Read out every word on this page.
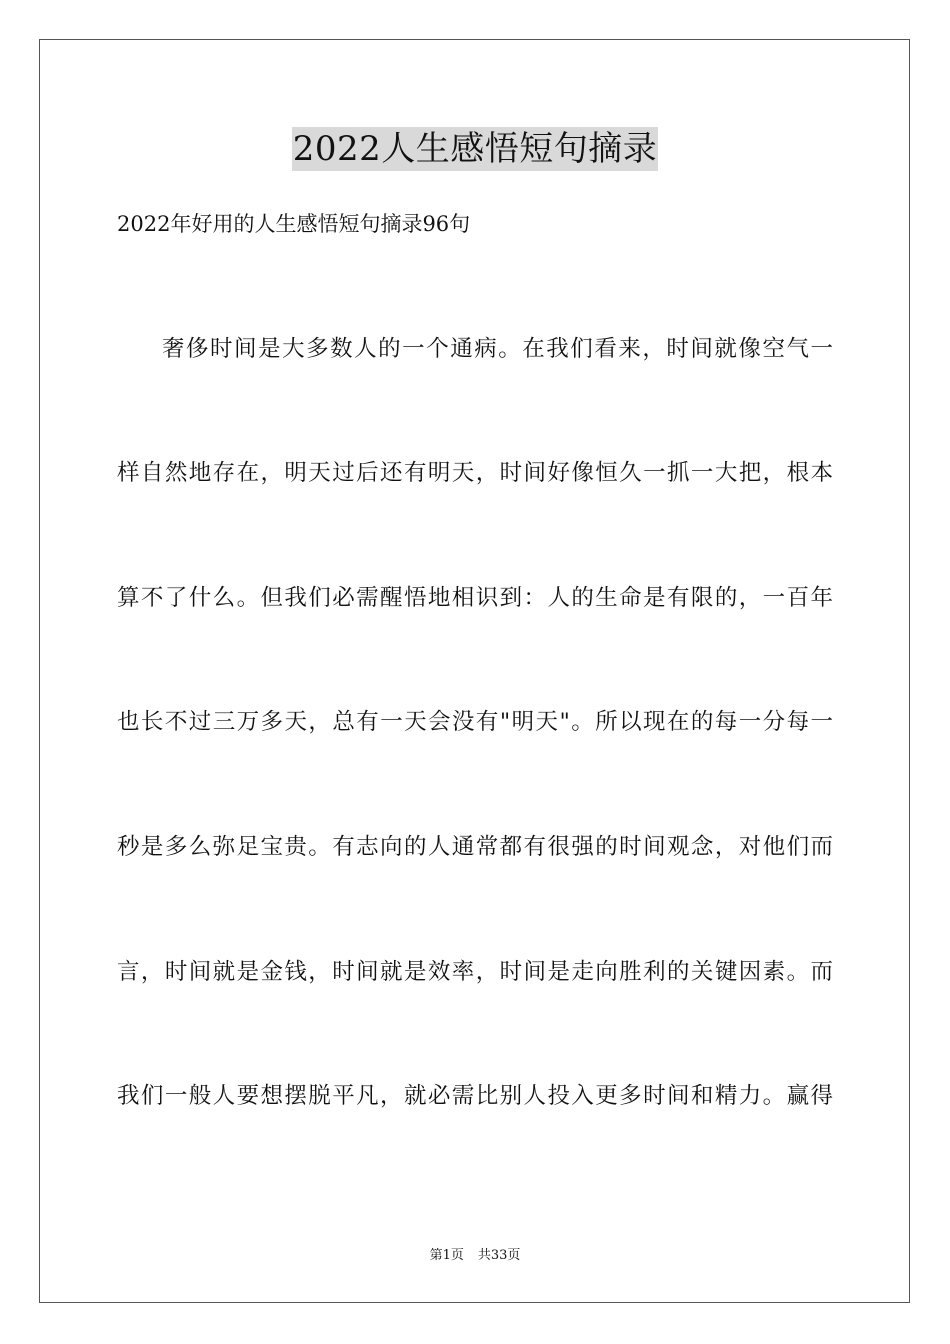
2022人生感悟短句摘录
2022年好用的人生感悟短句摘录96句
奢侈时间是大多数人的一个通病。在我们看来，时间就像空气一
样自然地存在，明天过后还有明天，时间好像恒久一抓一大把，根本
算不了什么。但我们必需醒悟地相识到：人的生命是有限的，一百年
也长不过三万多天，总有一天会没有"明天"。所以现在的每一分每一
秒是多么弥足宝贵。有志向的人通常都有很强的时间观念，对他们而
言，时间就是金钱，时间就是效率，时间是走向胜利的关键因素。而
我们一般人要想摆脱平凡，就必需比别人投入更多时间和精力。赢得
第1页 共33页
